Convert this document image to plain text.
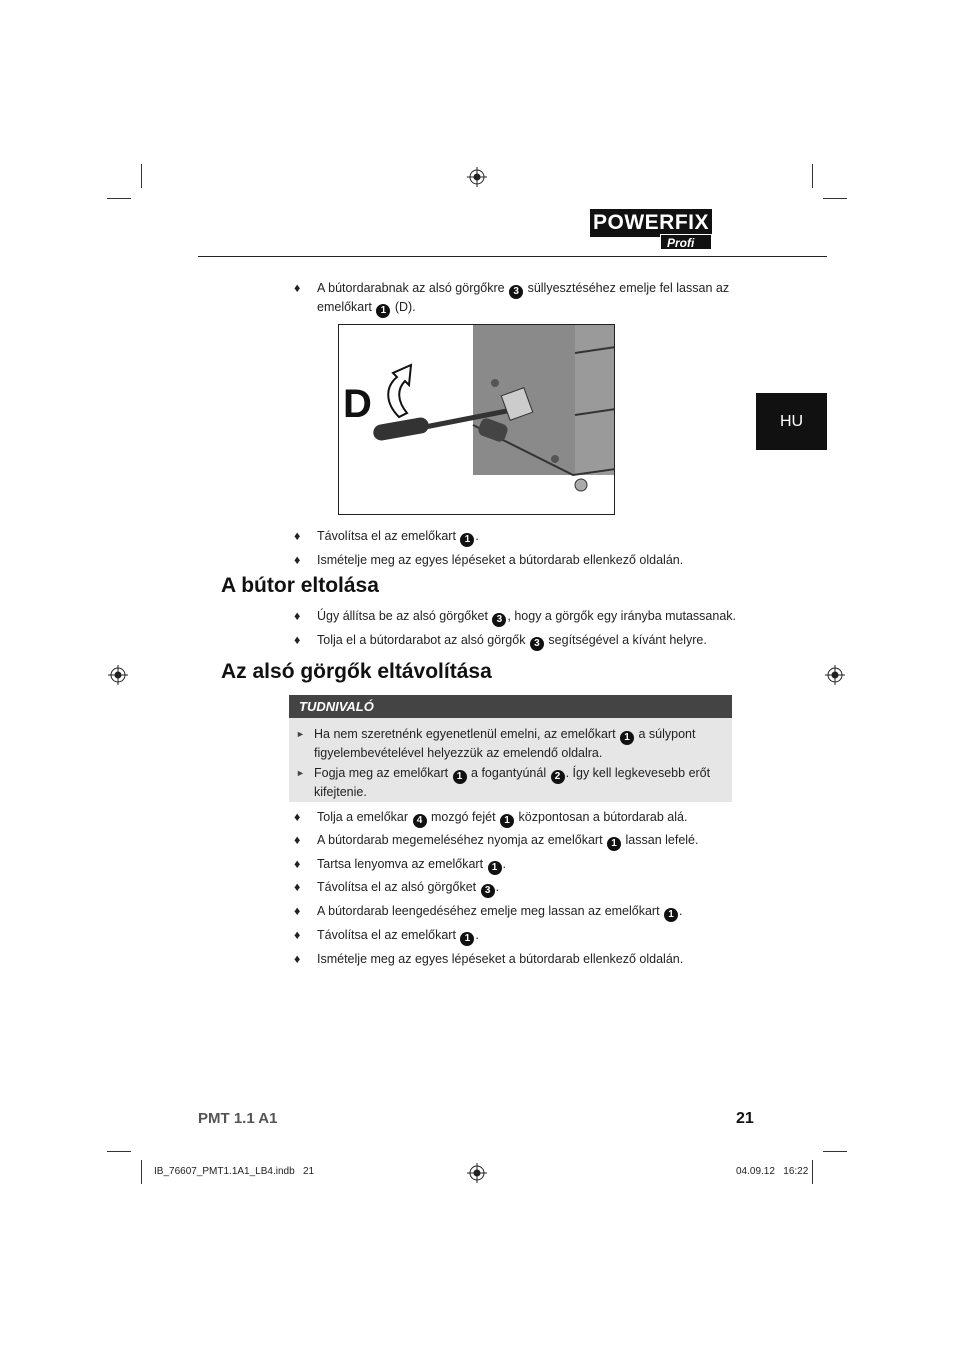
POWERFIX
Profi
HU
♦ A bútordarabnak az alsó görgőkre 3 süllyesztéséhez emelje fel lassan az
emelőkart 1 (D).
D
♦ Távolítsa el az emelőkart 1 .
♦ Ismételje meg az egyes lépéseket a bútordarab ellenkező oldalán.
A bútor eltolása
♦ Úgy állítsa be az alsó görgőket 3 , hogy a görgők egy irányba mutassanak.
♦ Tolja el a bútordarabot az alsó görgők 3 segítségével a kívánt helyre.
Az alsó görgők eltávolítása
TUDNIVALÓ
► Ha nem szeretnénk egyenetlenül emelni, az emelőkart 1 a súlypont
figyelembevételével helyezzük az emelendő oldalra.
► Fogja meg az emelőkart 1 a fogantyúnál 2 . Így kell legkevesebb erőt
kifejtenie.
♦ Tolja a emelőkar 4 mozgó fejét 1 központosan a bútordarab alá.
♦ A bútordarab megemeléséhez nyomja az emelőkart 1 lassan lefelé.
♦ Tartsa lenyomva az emelőkart 1 .
♦ Távolítsa el az alsó görgőket 3 .
♦ A bútordarab leengedéséhez emelje meg lassan az emelőkart 1 .
♦ Távolítsa el az emelőkart 1 .
♦ Ismételje meg az egyes lépéseket a bútordarab ellenkező oldalán.
PMT 1.1 A1	21
IB_76607_PMT1.1A1_LB4.indb   21	04.09.12   16:22
